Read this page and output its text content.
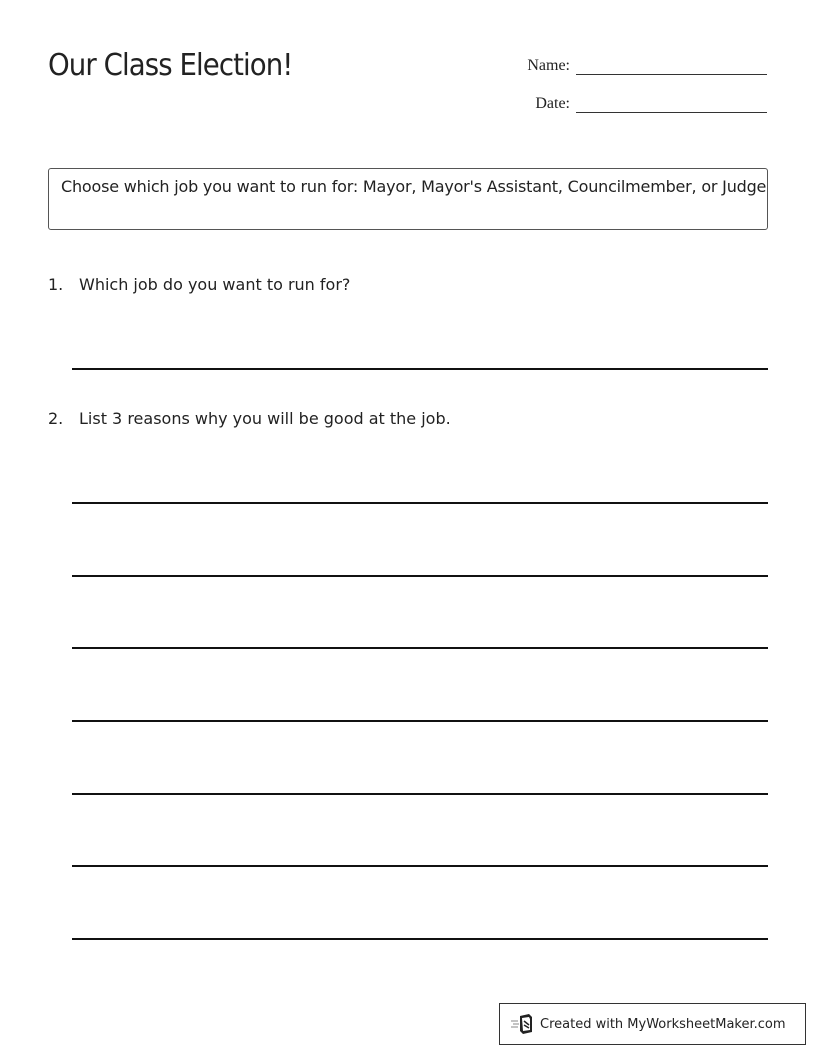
Our Class Election!	Name:
Date:
Choose which job you want to run for: Mayor, Mayor's Assistant, Councilmember, or Judge
1. Which job do you want to run for?
2. List 3 reasons why you will be good at the job.
Created with MyWorksheetMaker.com
